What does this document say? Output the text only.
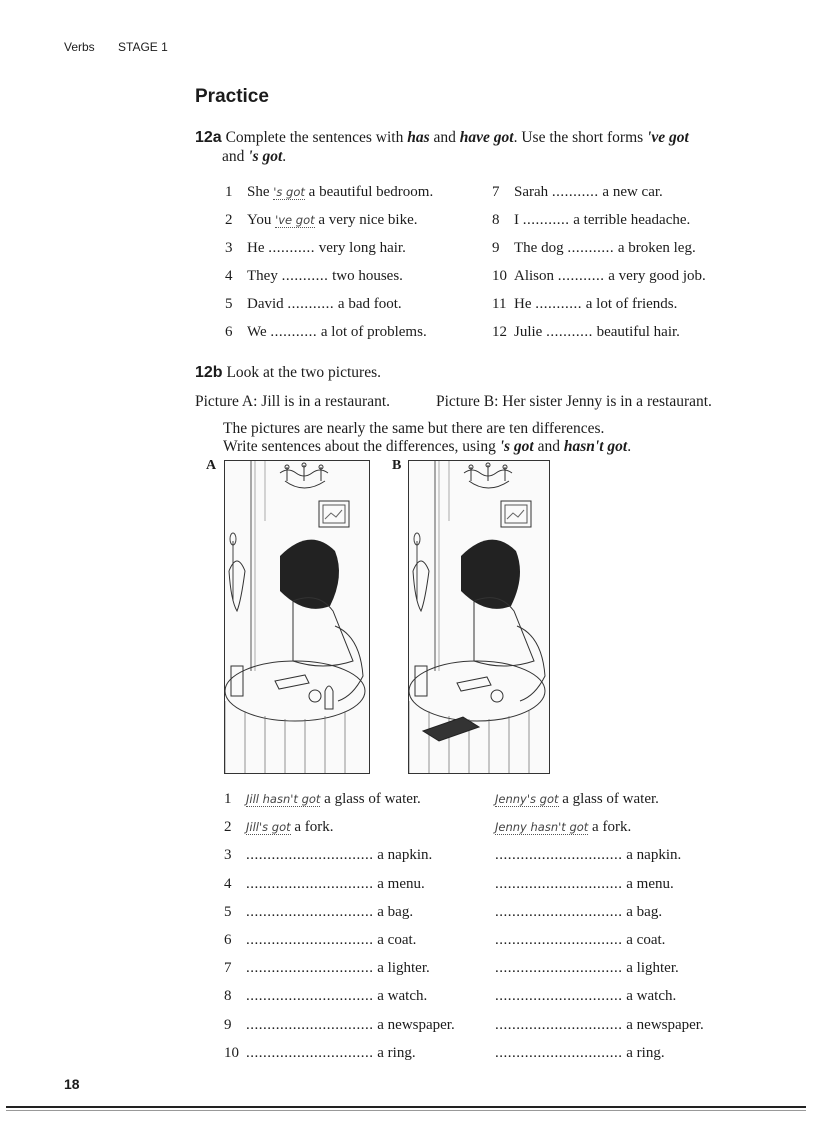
Verbs STAGE 1
Practice
12a Complete the sentences with has and have got. Use the short forms 've got
and 's got.
1 She 's got a beautiful bedroom.
2 You 've got a very nice bike.
3 He ........... very long hair.
4 They ........... two houses.
5 David ........... a bad foot.
6 We ........... a lot of problems.
7 Sarah ........... a new car.
8 I ........... a terrible headache.
9 The dog ........... a broken leg.
10 Alison ........... a very good job.
11 He ........... a lot of friends.
12 Julie ........... beautiful hair.
12b Look at the two pictures.
Picture A: Jill is in a restaurant.	Picture B: Her sister Jenny is in a restaurant.
The pictures are nearly the same but there are ten differences.
Write sentences about the differences, using 's got and hasn't got.
A	B
1 Jill hasn't got a glass of water.	Jenny's got a glass of water.
2 Jill's got a fork.	Jenny hasn't got a fork.
3 .............................. a napkin.	.............................. a napkin.
4 .............................. a menu.	.............................. a menu.
5 .............................. a bag.	.............................. a bag.
6 .............................. a coat.	.............................. a coat.
7 .............................. a lighter.	.............................. a lighter.
8 .............................. a watch.	.............................. a watch.
9 .............................. a newspaper.	.............................. a newspaper.
10 .............................. a ring.	.............................. a ring.
18
